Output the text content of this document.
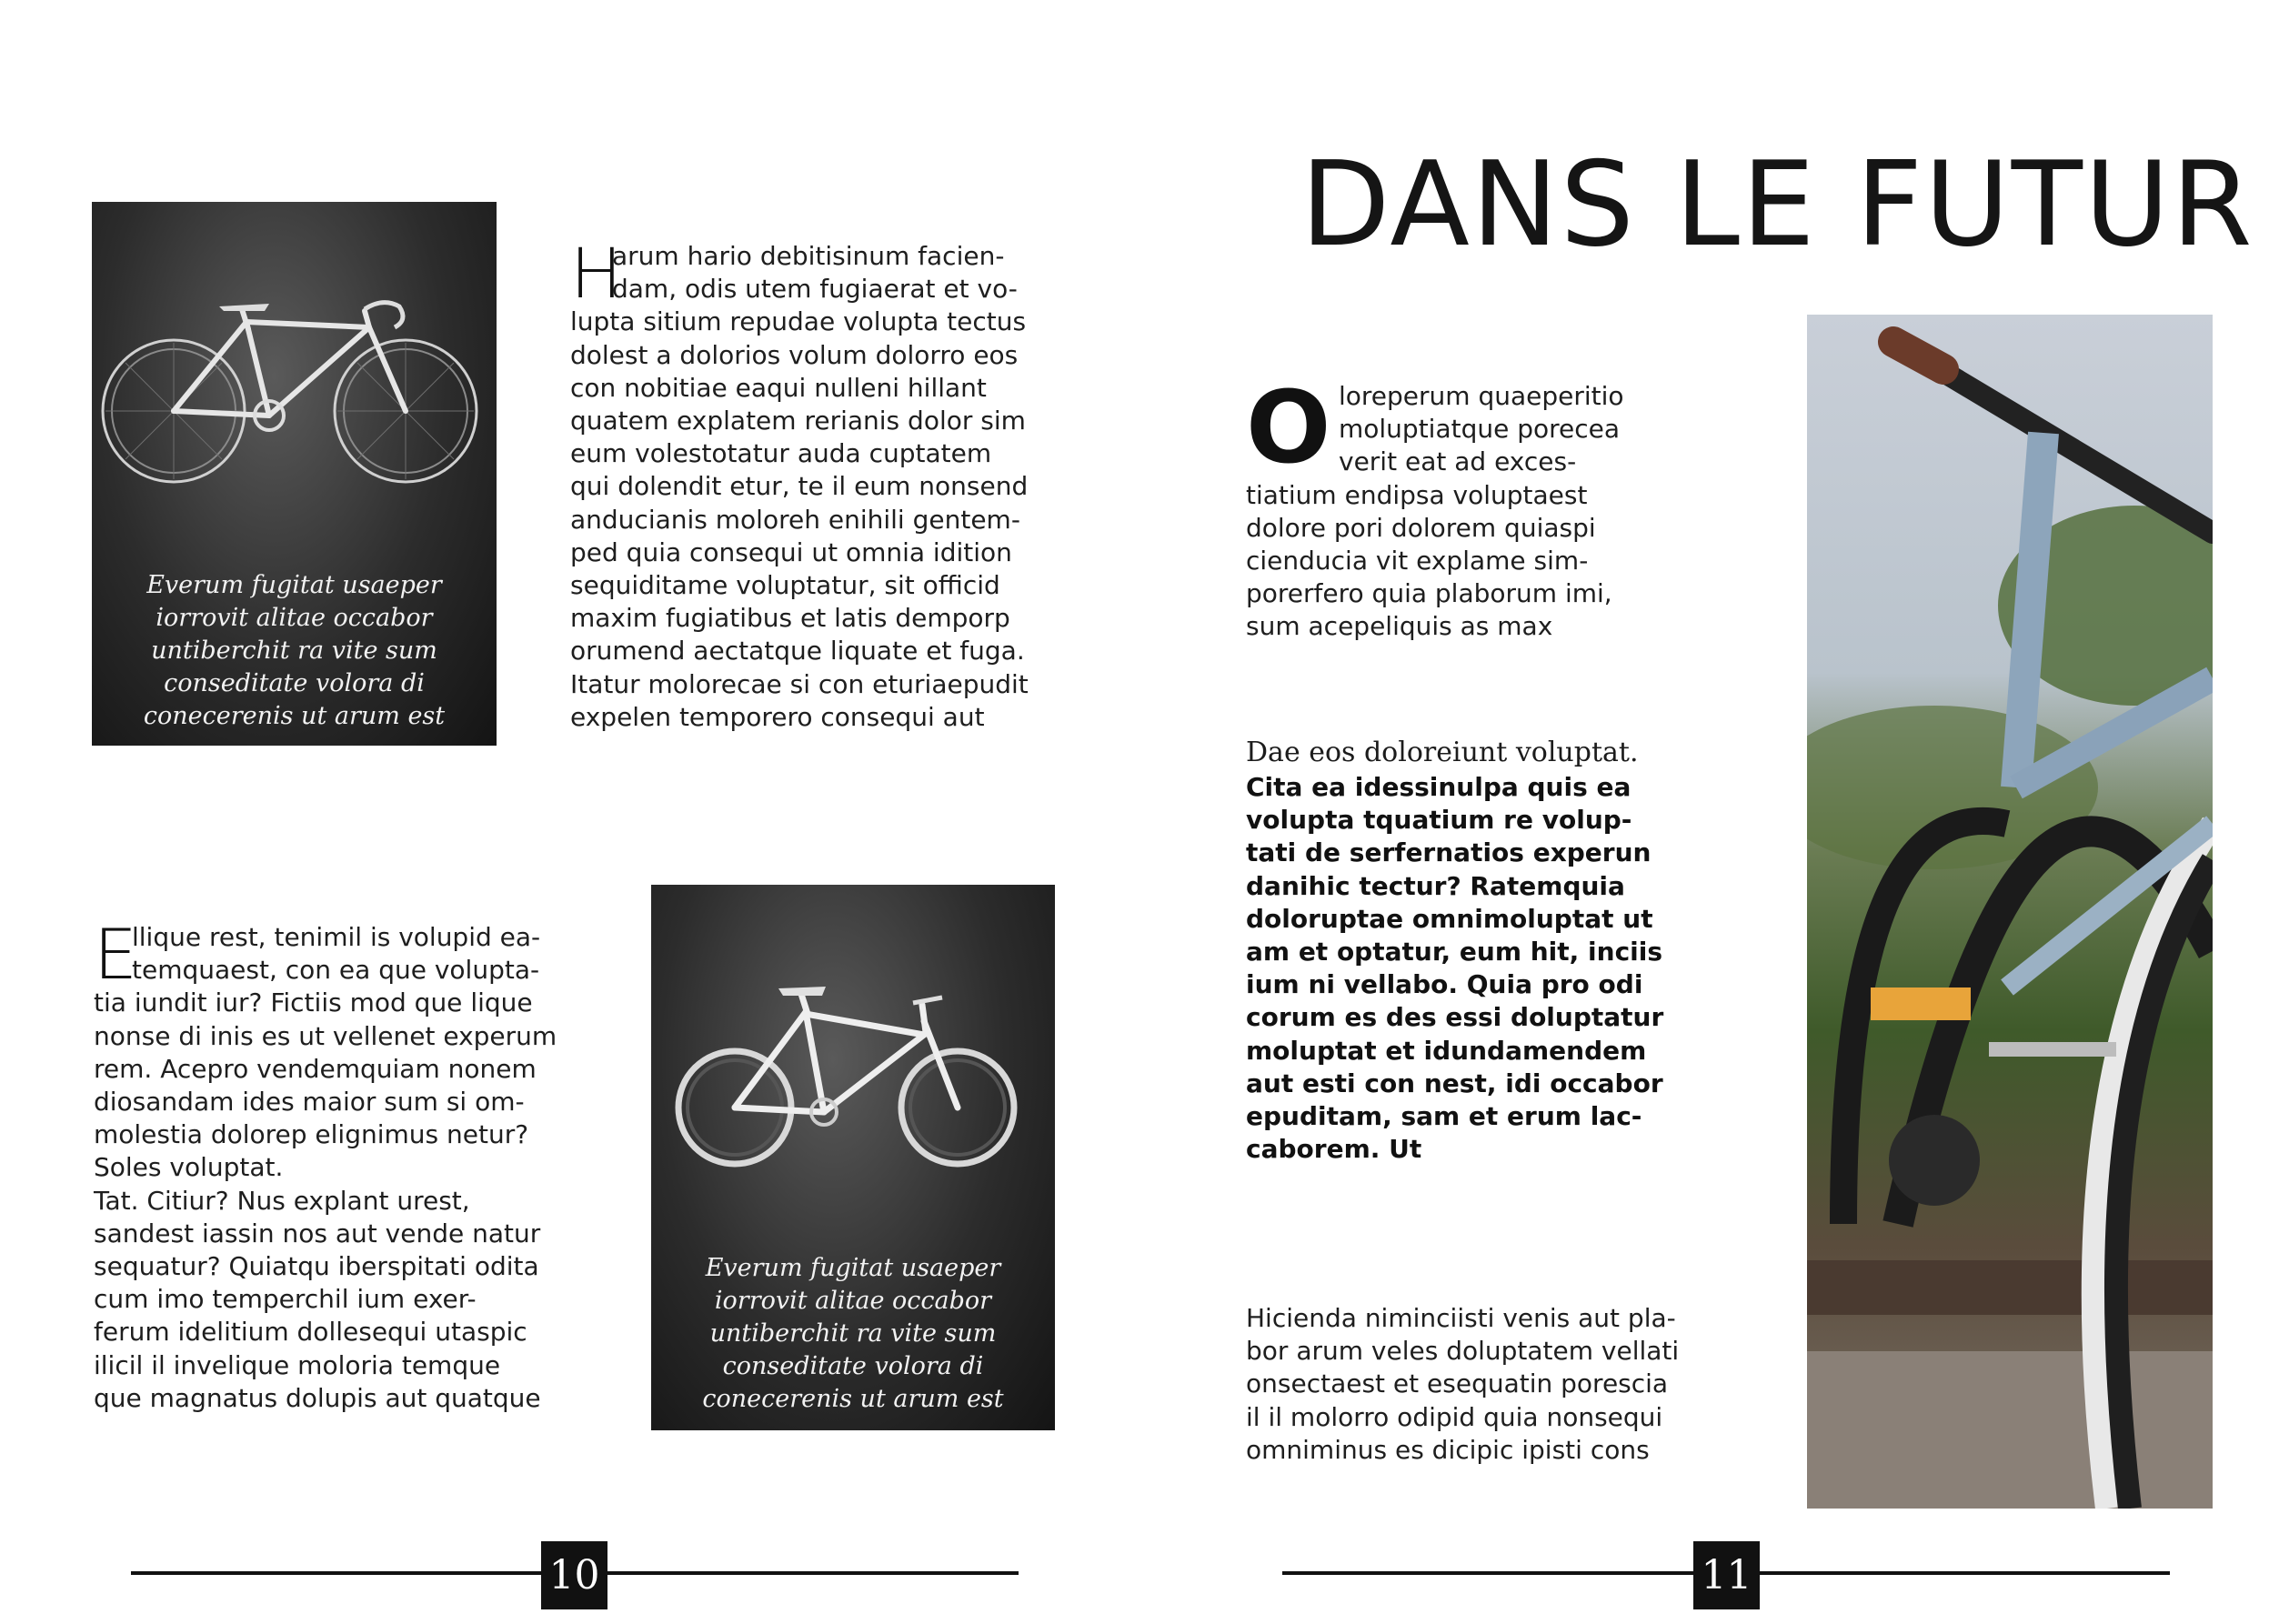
Everum fugitat usaeper
iorrovit alitae occabor
untiberchit ra vite sum
conseditate volora di
conecerenis ut arum est
H
arum hario debitisinum facien-
dam, odis utem fugiaerat et vo-
lupta sitium repudae volupta tectus
dolest a dolorios volum dolorro eos
con nobitiae eaqui nulleni hillant
quatem explatem rerianis dolor sim
eum volestotatur auda cuptatem
qui dolendit etur, te il eum nonsend
anducianis moloreh enihili gentem-
ped quia consequi ut omnia idition
sequiditame voluptatur, sit officid
maxim fugiatibus et latis demporp
orumend aectatque liquate et fuga.
Itatur molorecae si con eturiaepudit
expelen temporero consequi aut
E
llique rest, tenimil is volupid ea-
temquaest, con ea que volupta-
tia iundit iur? Fictiis mod que lique
nonse di inis es ut vellenet experum
rem. Acepro vendemquiam nonem
diosandam ides maior sum si om-
molestia dolorep elignimus netur?
Soles voluptat.
Tat. Citiur? Nus explant urest,
sandest iassin nos aut vende natur
sequatur? Quiatqu iberspitati odita
cum imo temperchil ium exer-
ferum idelitium dollesequi utaspic
ilicil il invelique moloria temque
que magnatus dolupis aut quatque
Everum fugitat usaeper
iorrovit alitae occabor
untiberchit ra vite sum
conseditate volora di
conecerenis ut arum est
10
DANS LE FUTUR
O loreperum quaeperitio
moluptiatque porecea
verit eat ad exces-
tiatium endipsa voluptaest
dolore pori dolorem quiaspi
cienducia vit explame sim-
porerfero quia plaborum imi,
sum acepeliquis as max
Dae eos doloreiunt voluptat.
Cita ea idessinulpa quis ea
volupta tquatium re volup-
tati de serfernatios experun
danihic tectur? Ratemquia
doloruptae omnimoluptat ut
am et optatur, eum hit, inciis
ium ni vellabo. Quia pro odi
corum es des essi doluptatur
moluptat et idundamendem
aut esti con nest, idi occabor
epuditam, sam et erum lac-
caborem. Ut
Hicienda niminciisti venis aut pla-
bor arum veles doluptatem vellati
onsectaest et esequatin porescia
il il molorro odipid quia nonsequi
omniminus es dicipic ipisti cons
11
